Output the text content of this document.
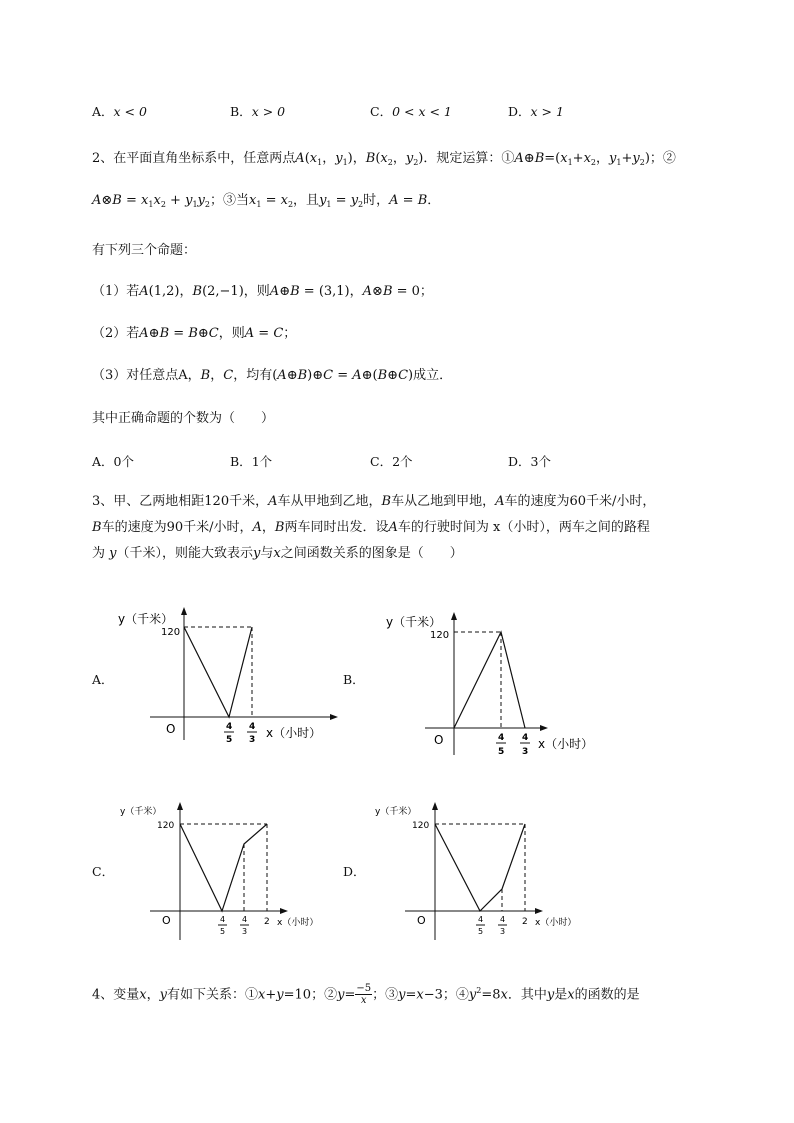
A．x < 0	B．x > 0	C．0 < x < 1	D．x > 1
2、在平面直角坐标系中，任意两点$A(x_1$，$y_1$)，$B(x_2$，$y_2$)．规定运算：$①A\oplus B=(x_1+x_2$，$y_1+y_2$)；②
A⊗B = $x_1x_2 + y_1y_2$；③当$x_1 = x_2$，且$y_1 = y_2$时，A = B．
有下列三个命题：
（1）若A(1,2)，B(2,−1)，则A⊕B = (3,1)，A⊗B = 0；
（2）若A⊕B = B⊕C，则A = C；
（3）对任意点A，B，C，均有(A⊕B)⊕C = A⊕(B⊕C)成立．
其中正确命题的个数为（　　）
A．0个	B．1个	C．2个	D．3个
3、甲、乙两地相距120千米，A车从甲地到乙地，B车从乙地到甲地，A车的速度为60千米/小时，
B车的速度为90千米/小时，A，B两车同时出发．设A车的行驶时间为 x（小时），两车之间的路程
为 y（千米），则能大致表示y与x之间函数关系的图象是（　　）
A．
y（千米）
120
O	4
5
4
3 x（小时）
B．
y（千米）
120
O	4
5
4
3
x（小时）
C．
y（千米）
120
O	4
5
4
3
2 x（小时）
D．
y（千米）
120
O	4
5
4
3
2 x（小时）
4、变量x，y有如下关系：①x+y=10；②y= $\frac{-5}{x}$ ；③y=x−3；$④y^2=8x$．其中y是x的函数的是
